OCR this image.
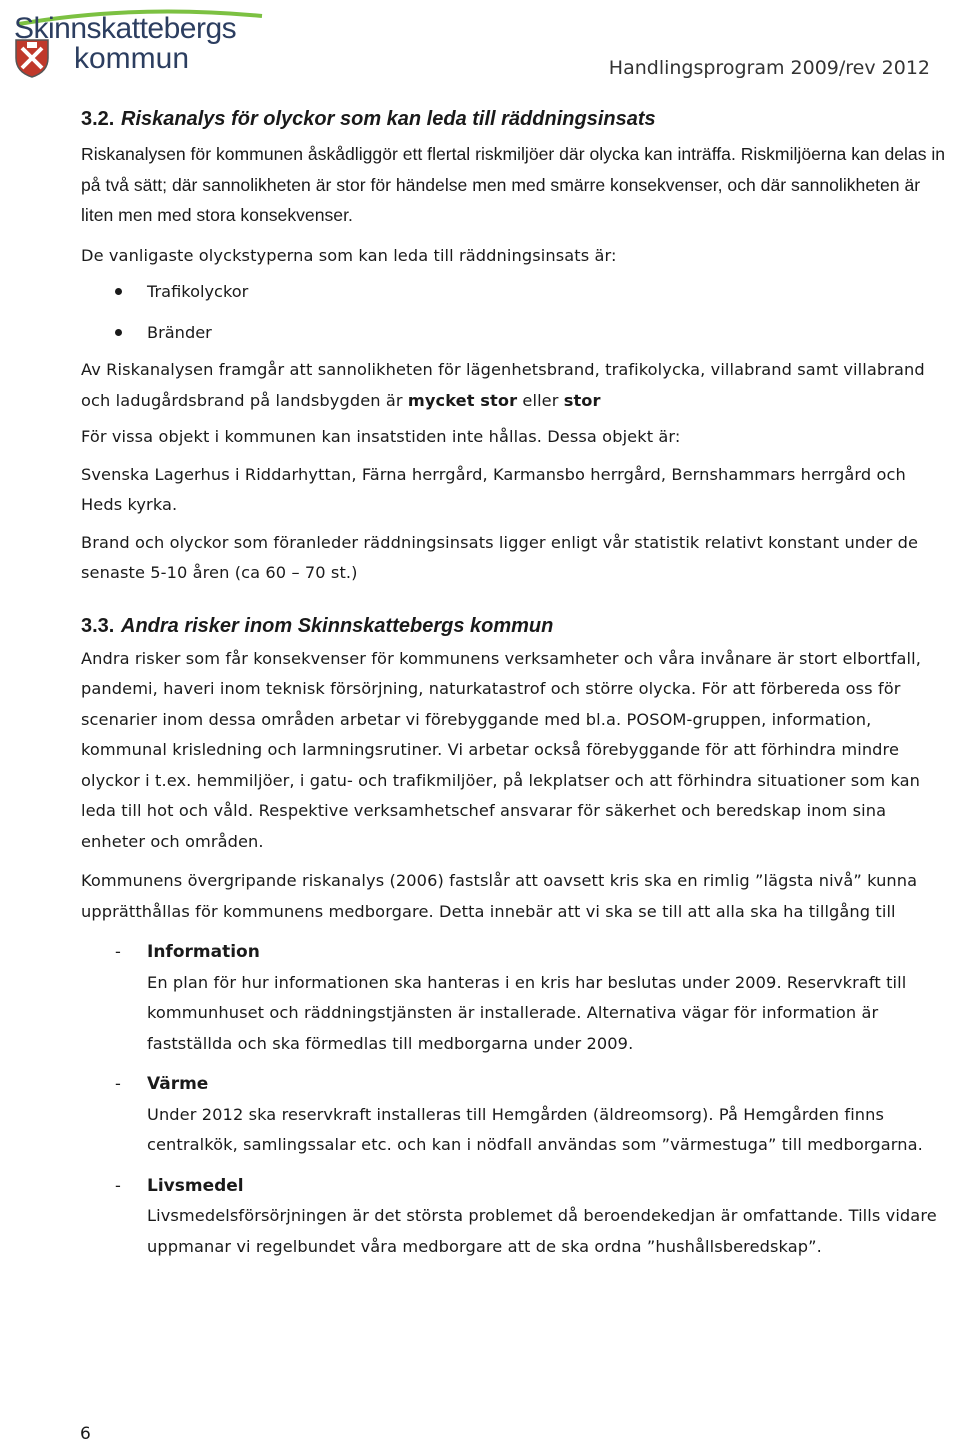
Skinnskattebergs
kommun	Handlingsprogram 2009/rev 2012
3.2. Riskanalys för olyckor som kan leda till räddningsinsats

Riskanalysen för kommunen åskådliggör ett flertal riskmiljöer där olycka kan inträffa. Riskmiljöerna kan delas in på två sätt; där sannolikheten är stor för händelse men med smärre konsekvenser, och där sannolikheten är liten men med stora konsekvenser.

De vanligaste olyckstyperna som kan leda till räddningsinsats är:

Trafikolyckor
Bränder

Av Riskanalysen framgår att sannolikheten för lägenhetsbrand, trafikolycka, villabrand samt villabrand och ladugårdsbrand på landsbygden är mycket stor eller stor

För vissa objekt i kommunen kan insatstiden inte hållas. Dessa objekt är:

Svenska Lagerhus i Riddarhyttan, Färna herrgård, Karmansbo herrgård, Bernshammars herrgård och Heds kyrka.

Brand och olyckor som föranleder räddningsinsats ligger enligt vår statistik relativt konstant under de senaste 5-10 åren (ca 60 – 70 st.)

3.3. Andra risker inom Skinnskattebergs kommun

Andra risker som får konsekvenser för kommunens verksamheter och våra invånare är stort elbortfall, pandemi, haveri inom teknisk försörjning, naturkatastrof och större olycka. För att förbereda oss för scenarier inom dessa områden arbetar vi förebyggande med bl.a. POSOM-gruppen, information, kommunal krisledning och larmningsrutiner. Vi arbetar också förebyggande för att förhindra mindre olyckor i t.ex. hemmiljöer, i gatu- och trafikmiljöer, på lekplatser och att förhindra situationer som kan leda till hot och våld. Respektive verksamhetschef ansvarar för säkerhet och beredskap inom sina enheter och områden.

Kommunens övergripande riskanalys (2006) fastslår att oavsett kris ska en rimlig ”lägsta nivå” kunna upprätthållas för kommunens medborgare. Detta innebär att vi ska se till att alla ska ha tillgång till

- Information
En plan för hur informationen ska hanteras i en kris har beslutas under 2009. Reservkraft till kommunhuset och räddningstjänsten är installerade. Alternativa vägar för information är fastställda och ska förmedlas till medborgarna under 2009.
- Värme
Under 2012 ska reservkraft installeras till Hemgården (äldreomsorg). På Hemgården finns centralkök, samlingssalar etc. och kan i nödfall användas som ”värmestuga” till medborgarna.
- Livsmedel
Livsmedelsförsörjningen är det största problemet då beroendekedjan är omfattande. Tills vidare uppmanar vi regelbundet våra medborgare att de ska ordna ”hushållsberedskap”.
6
